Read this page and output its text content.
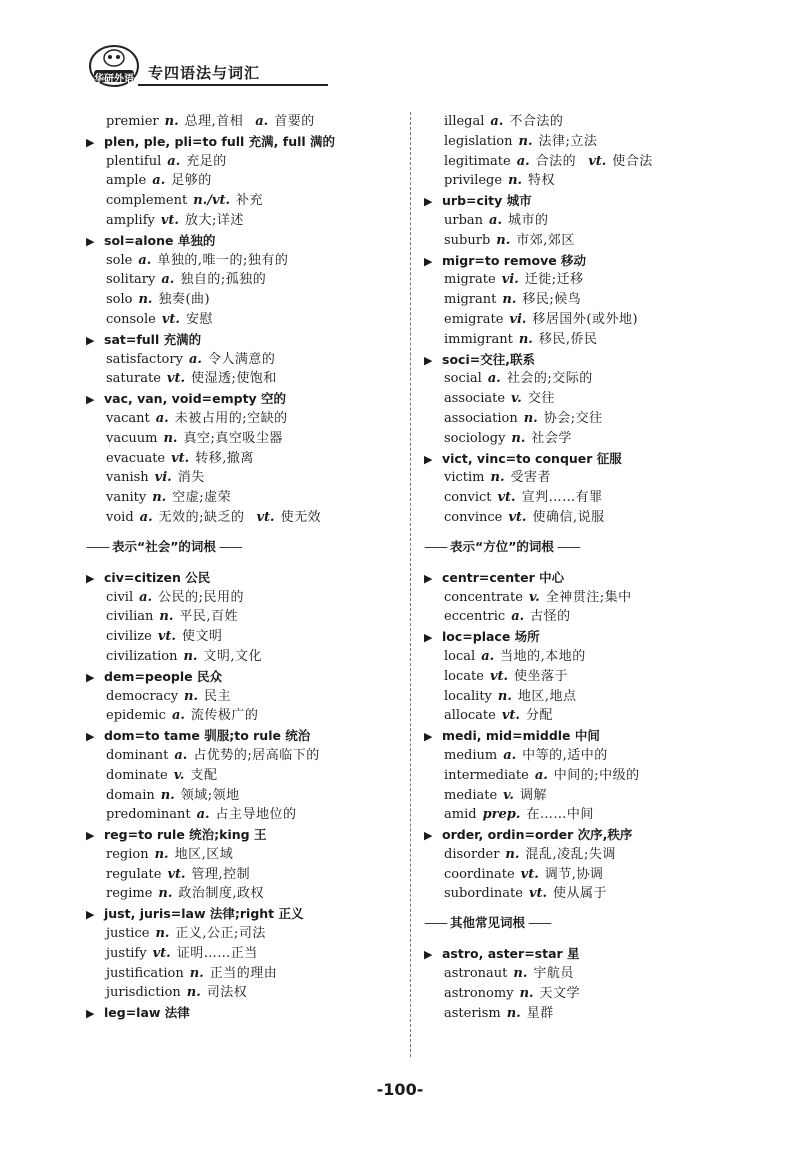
华研外语 专四语法与词汇
premier n. 总理,首相 a. 首要的
▶ plen, ple, pli=to full 充满, full 满的
plentiful a. 充足的
ample a. 足够的
complement n./vt. 补充
amplify vt. 放大;详述
▶ sol=alone 单独的
sole a. 单独的,唯一的;独有的
solitary a. 独自的;孤独的
solo n. 独奏(曲)
console vt. 安慰
▶ sat=full 充满的
satisfactory a. 令人满意的
saturate vt. 使湿透;使饱和
▶ vac, van, void=empty 空的
vacant a. 未被占用的;空缺的
vacuum n. 真空;真空吸尘器
evacuate vt. 转移,撤离
vanish vi. 消失
vanity n. 空虚;虚荣
void a. 无效的;缺乏的 vt. 使无效
—— 表示“社会”的词根 ——
▶ civ=citizen 公民
civil a. 公民的;民用的
civilian n. 平民,百姓
civilize vt. 使文明
civilization n. 文明,文化
▶ dem=people 民众
democracy n. 民主
epidemic a. 流传极广的
▶ dom=to tame 驯服;to rule 统治
dominant a. 占优势的;居高临下的
dominate v. 支配
domain n. 领域;领地
predominant a. 占主导地位的
▶ reg=to rule 统治;king 王
region n. 地区,区域
regulate vt. 管理,控制
regime n. 政治制度,政权
▶ just, juris=law 法律;right 正义
justice n. 正义,公正;司法
justify vt. 证明……正当
justification n. 正当的理由
jurisdiction n. 司法权
▶ leg=law 法律
illegal a. 不合法的
legislation n. 法律;立法
legitimate a. 合法的 vt. 使合法
privilege n. 特权
▶ urb=city 城市
urban a. 城市的
suburb n. 市郊,郊区
▶ migr=to remove 移动
migrate vi. 迁徙;迁移
migrant n. 移民;候鸟
emigrate vi. 移居国外(或外地)
immigrant n. 移民,侨民
▶ soci=交往,联系
social a. 社会的;交际的
associate v. 交往
association n. 协会;交往
sociology n. 社会学
▶ vict, vinc=to conquer 征服
victim n. 受害者
convict vt. 宣判……有罪
convince vt. 使确信,说服
—— 表示“方位”的词根 ——
▶ centr=center 中心
concentrate v. 全神贯注;集中
eccentric a. 古怪的
▶ loc=place 场所
local a. 当地的,本地的
locate vt. 使坐落于
locality n. 地区,地点
allocate vt. 分配
▶ medi, mid=middle 中间
medium a. 中等的,适中的
intermediate a. 中间的;中级的
mediate v. 调解
amid prep. 在……中间
▶ order, ordin=order 次序,秩序
disorder n. 混乱,凌乱;失调
coordinate vt. 调节,协调
subordinate vt. 使从属于
—— 其他常见词根 ——
▶ astro, aster=star 星
astronaut n. 宇航员
astronomy n. 天文学
asterism n. 星群
-100-
